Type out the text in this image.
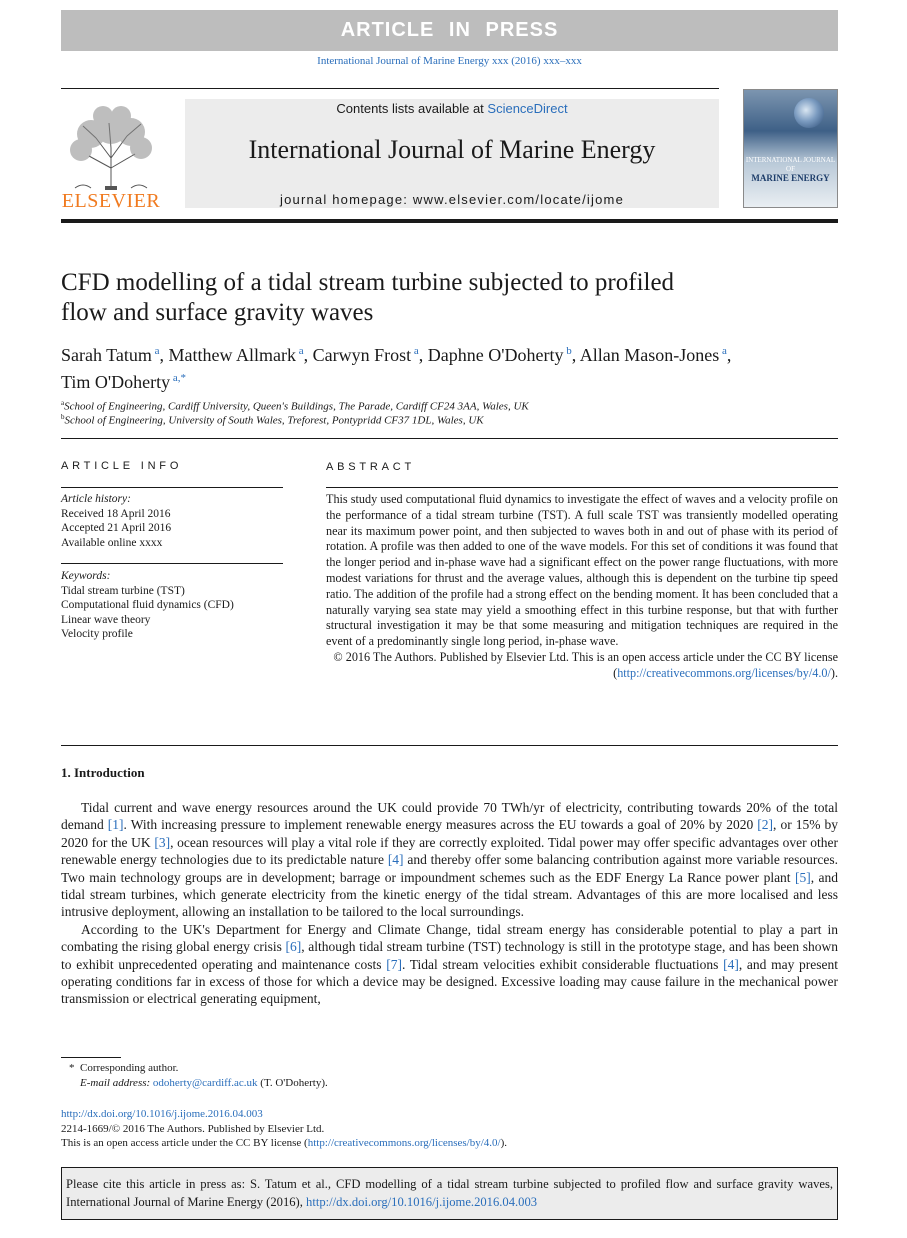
ARTICLE IN PRESS
International Journal of Marine Energy xxx (2016) xxx–xxx
ELSEVIER
Contents lists available at ScienceDirect
International Journal of Marine Energy
journal homepage: www.elsevier.com/locate/ijome
INTERNATIONAL JOURNAL OF
MARINE ENERGY
CFD modelling of a tidal stream turbine subjected to profiled
flow and surface gravity waves
Sarah Tatum $^a$, Matthew Allmark $^a$, Carwyn Frost $^a$, Daphne O'Doherty $^b$, Allan Mason-Jones $^a$,
Tim O'Doherty $^{a,*}$
$^a$School of Engineering, Cardiff University, Queen's Buildings, The Parade, Cardiff CF24 3AA, Wales, UK
$^b$School of Engineering, University of South Wales, Treforest, Pontypridd CF37 1DL, Wales, UK
ARTICLE INFO	ABSTRACT
Article history:
Received 18 April 2016
Accepted 21 April 2016
Available online xxxx
Keywords:
Tidal stream turbine (TST)
Computational fluid dynamics (CFD)
Linear wave theory
Velocity profile
This study used computational fluid dynamics to investigate the effect of waves and a velocity profile on the performance of a tidal stream turbine (TST). A full scale TST was transiently modelled operating near its maximum power point, and then subjected to waves both in and out of phase with its period of rotation. A profile was then added to one of the wave models. For this set of conditions it was found that the longer period and in-phase wave had a significant effect on the power range fluctuations, with more modest variations for thrust and the average values, although this is dependent on the turbine tip speed ratio. The addition of the profile had a strong effect on the bending moment. It has been concluded that a naturally varying sea state may yield a smoothing effect in this turbine response, but that with further structural investigation it may be that some measuring and mitigation techniques are required in the event of a predominantly single long period, in-phase wave.
© 2016 The Authors. Published by Elsevier Ltd. This is an open access article under the CC BY license (http://creativecommons.org/licenses/by/4.0/).
1. Introduction

Tidal current and wave energy resources around the UK could provide 70 TWh/yr of electricity, contributing towards 20% of the total demand [1]. With increasing pressure to implement renewable energy measures across the EU towards a goal of 20% by 2020 [2], or 15% by 2020 for the UK [3], ocean resources will play a vital role if they are correctly exploited. Tidal power may offer specific advantages over other renewable energy technologies due to its predictable nature [4] and thereby offer some balancing contribution against more variable resources. Two main technology groups are in development; barrage or impoundment schemes such as the EDF Energy La Rance power plant [5], and tidal stream turbines, which generate electricity from the kinetic energy of the tidal stream. Advantages of this are more localised and less intrusive deployment, allowing an installation to be tailored to the local surroundings.

According to the UK's Department for Energy and Climate Change, tidal stream energy has considerable potential to play a part in combating the rising global energy crisis [6], although tidal stream turbine (TST) technology is still in the prototype stage, and has been shown to exhibit unprecedented operating and maintenance costs [7]. Tidal stream velocities exhibit considerable fluctuations [4], and may present operating conditions far in excess of those for which a device may be designed. Excessive loading may cause failure in the mechanical power transmission or electrical generating equipment,

* Corresponding author.
E-mail address: odoherty@cardiff.ac.uk (T. O'Doherty).
http://dx.doi.org/10.1016/j.ijome.2016.04.003
2214-1669/© 2016 The Authors. Published by Elsevier Ltd.
This is an open access article under the CC BY license (http://creativecommons.org/licenses/by/4.0/).
Please cite this article in press as: S. Tatum et al., CFD modelling of a tidal stream turbine subjected to profiled flow and surface gravity waves, International Journal of Marine Energy (2016), http://dx.doi.org/10.1016/j.ijome.2016.04.003
